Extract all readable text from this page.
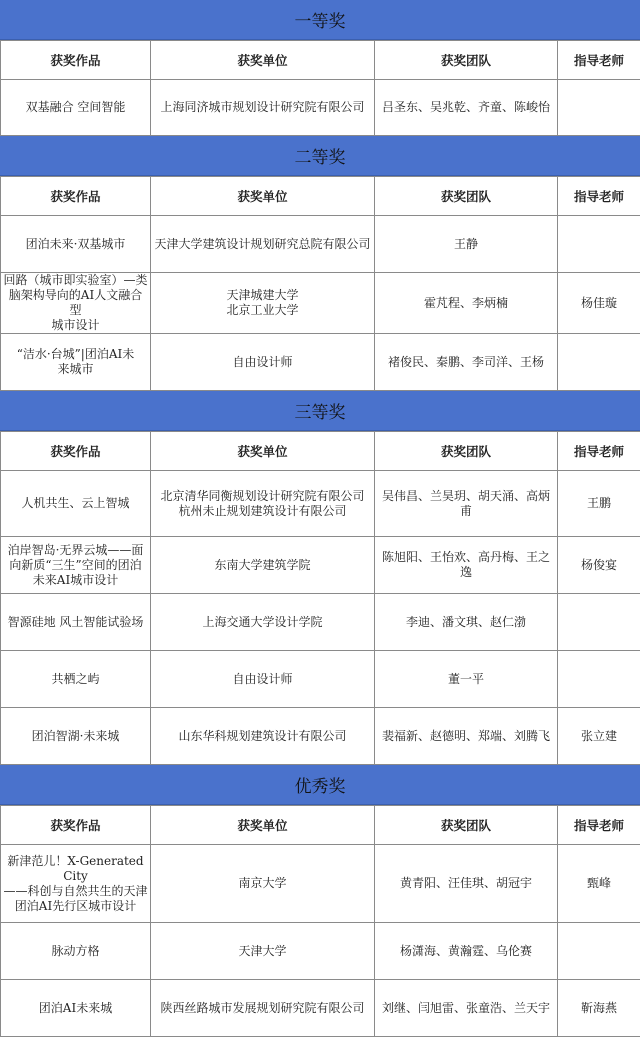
一等奖
获奖作品	获奖单位	获奖团队	指导老师
双基融合 空间智能	上海同济城市规划设计研究院有限公司	吕圣东、吴兆乾、齐童、陈峻怡	
二等奖
获奖作品	获奖单位	获奖团队	指导老师
团泊未来·双基城市	天津大学建筑设计规划研究总院有限公司	王静	
回路（城市即实验室）—类
脑架构导向的AI人文融合型
城市设计	天津城建大学
北京工业大学	霍芃程、李炳楠	杨佳璇
“洁水·台城”|团泊AI未
来城市	自由设计师	褚俊民、秦鹏、李司洋、王杨	
三等奖
获奖作品	获奖单位	获奖团队	指导老师
人机共生、云上智城	北京清华同衡规划设计研究院有限公司
杭州未止规划建筑设计有限公司	吴伟昌、兰昊玥、胡天涌、高炳甫	王鹏
泊岸智岛·无界云城——面
向新质“三生”空间的团泊
未来AI城市设计	东南大学建筑学院	陈旭阳、王怡欢、高丹梅、王之逸	杨俊宴
智源硅地 风土智能试验场	上海交通大学设计学院	李迪、潘文琪、赵仁渤	
共栖之屿	自由设计师	董一平	
团泊智湖·未来城	山东华科规划建筑设计有限公司	裴福新、赵德明、郑端、刘腾飞	张立建
优秀奖
获奖作品	获奖单位	获奖团队	指导老师
新津范儿！X-Generated
City
——科创与自然共生的天津
团泊AI先行区城市设计	南京大学	黄青阳、汪佳琪、胡冠宇	甄峰
脉动方格	天津大学	杨潇海、黄瀚霆、乌伦赛	
团泊AI未来城	陕西丝路城市发展规划研究院有限公司	刘继、闫旭雷、张童浩、兰天宇	靳海燕
